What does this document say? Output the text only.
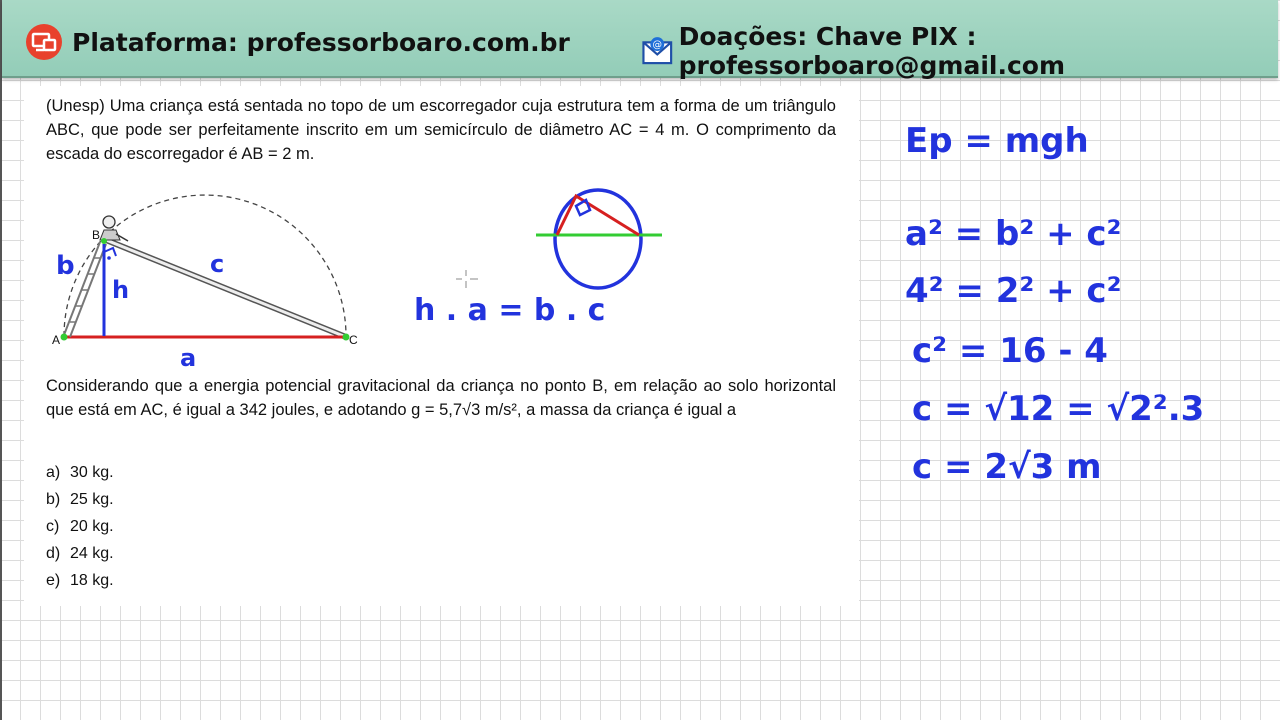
Plataforma: professorboaro.com.br	@ Doações: Chave PIX : professorboaro@gmail.com
(Unesp) Uma criança está sentada no topo de um escorregador cuja estrutura tem a forma de um triângulo ABC, que pode ser perfeitamente inscrito em um semicírculo de diâmetro AC = 4 m. O comprimento da escada do escorregador é AB = 2 m.
Considerando que a energia potencial gravitacional da criança no ponto B, em relação ao solo horizontal que está em AC, é igual a 342 joules, e adotando g = 5,7√3 m/s², a massa da criança é igual a
a) 30 kg.
b) 25 kg.
c) 20 kg.
d) 24 kg.
e) 18 kg.
A
B
C
b	c
h
a
h . a = b . c
Ep = mgh
a² = b² + c²
4² = 2² + c²
c² = 16 - 4
c = √12 = √2².3
c = 2√3 m
